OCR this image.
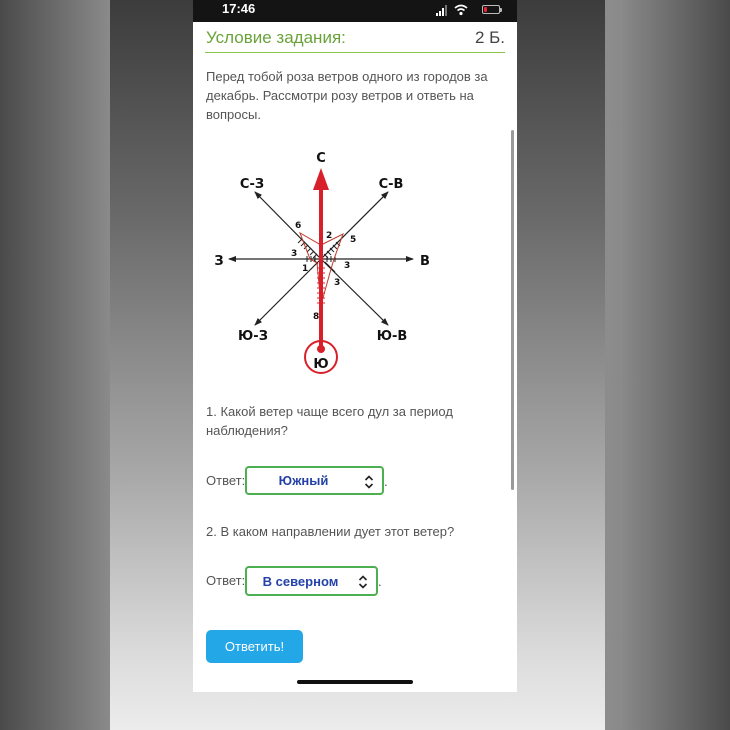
17:46
Условие задания:	2 Б.
Перед тобой роза ветров одного из городов за декабрь. Рассмотри розу ветров и ответь на вопросы.
С
С-В
С-З
З	В
Ю-З	Ю-В
Ю
2 5
6
3
1	3
3
8
1. Какой ветер чаще всего дул за период наблюдения?
Ответ:	Южный	.
2. В каком направлении дует этот ветер?
Ответ:	В северном	.
Ответить!
